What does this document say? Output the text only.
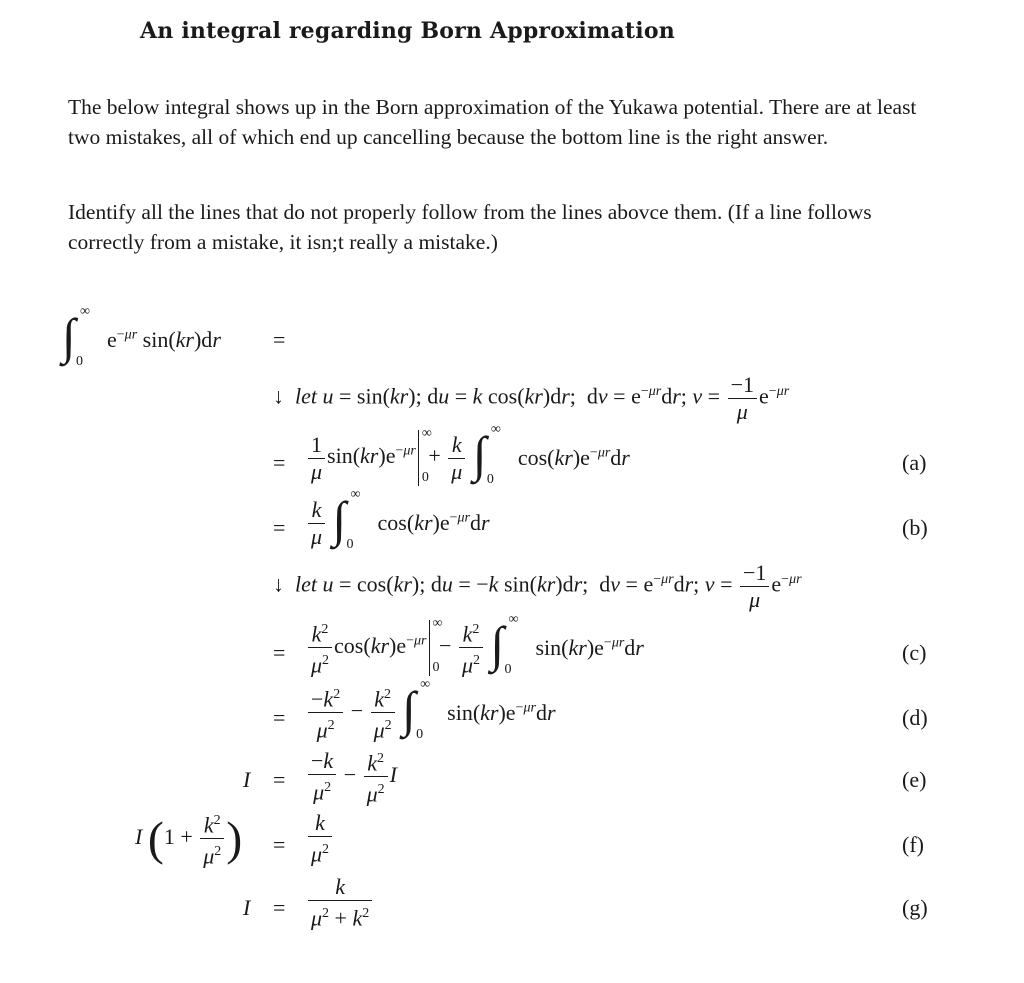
An integral regarding Born Approximation
The below integral shows up in the Born approximation of the Yukawa potential. There are at least two mistakes, all of which end up cancelling because the bottom line is the right answer.
Identify all the lines that do not properly follow from the lines abovce them. (If a line follows correctly from a mistake, it isn;t really a mistake.)
∫ ∞
0
$e^{-\mu r}$ sin(kr)dr =
↓  let u = sin(kr); du = k cos(kr)dr;  dv = $e^{-\mu r}dr$; $v = \frac{-1}{\mu} e^{-\mu r}$
= $\frac{1}{\mu} \sin(kr)e^{-\mu r}$
∞
0
+ $\frac{k}{\mu}$
∫ ∞
0
$\cos(kr)e^{-\mu r}dr$	(a)
= $\frac{k}{\mu}$
∫ ∞
0
$\cos(kr)e^{-\mu r}dr$	(b)
↓  let u = cos(kr); du = −k sin(kr)dr;  dv = $e^{-\mu r}dr$; $v = \frac{-1}{\mu} e^{-\mu r}$
= $\frac{k^2}{\mu^2} \cos(kr)e^{-\mu r}$
∞
0
− $\frac{k^2}{\mu^2}$
∫ ∞
0
$\sin(kr)e^{-\mu r}dr$	(c)
= $\frac{-k^2}{\mu^2} - \frac{k^2}{\mu^2}$
∫ ∞
0
$\sin(kr)e^{-\mu r}dr$	(d)
$I = \frac{-k}{\mu^2} - \frac{k^2}{\mu^2}$ I	(e)
I ($1 + \frac{k^2}{\mu^2}$ ) = $\frac{k}{\mu^2}$	(f)
$I = \frac{k}{\mu^2 + k^2}$	(g)
